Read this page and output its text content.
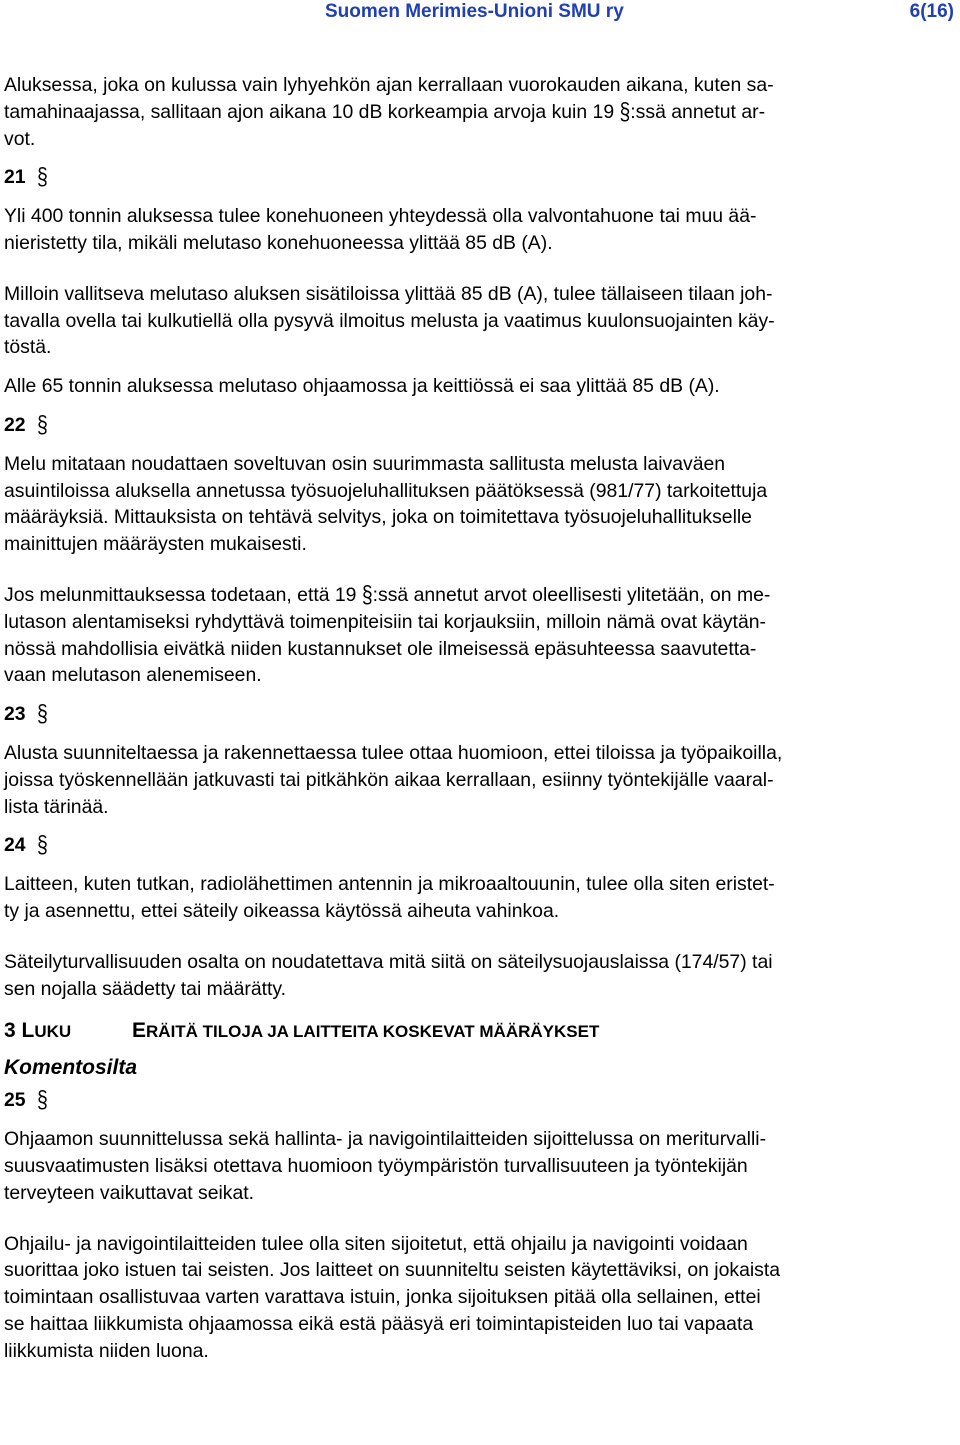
Suomen Merimies-Unioni SMU ry	6(16)

Aluksessa, joka on kulussa vain lyhyehkön ajan kerrallaan vuorokauden aikana, kuten sa-
tamahinaajassa, sallitaan ajon aikana 10 dB korkeampia arvoja kuin 19 §:ssä annetut ar-
vot.

21 §

Yli 400 tonnin aluksessa tulee konehuoneen yhteydessä olla valvontahuone tai muu ää-
nieristetty tila, mikäli melutaso konehuoneessa ylittää 85 dB (A).

Milloin vallitseva melutaso aluksen sisätiloissa ylittää 85 dB (A), tulee tällaiseen tilaan joh-
tavalla ovella tai kulkutiellä olla pysyvä ilmoitus melusta ja vaatimus kuulonsuojainten käy-
töstä.

Alle 65 tonnin aluksessa melutaso ohjaamossa ja keittiössä ei saa ylittää 85 dB (A).

22 §

Melu mitataan noudattaen soveltuvan osin suurimmasta sallitusta melusta laivaväen
asuintiloissa aluksella annetussa työsuojeluhallituksen päätöksessä (981/77) tarkoitettuja
määräyksiä. Mittauksista on tehtävä selvitys, joka on toimitettava työsuojeluhallitukselle
mainittujen määräysten mukaisesti.

Jos melunmittauksessa todetaan, että 19 §:ssä annetut arvot oleellisesti ylitetään, on me-
lutason alentamiseksi ryhdyttävä toimenpiteisiin tai korjauksiin, milloin nämä ovat käytän-
nössä mahdollisia eivätkä niiden kustannukset ole ilmeisessä epäsuhteessa saavutetta-
vaan melutason alenemiseen.

23 §

Alusta suunniteltaessa ja rakennettaessa tulee ottaa huomioon, ettei tiloissa ja työpaikoilla,
joissa työskennellään jatkuvasti tai pitkähkön aikaa kerrallaan, esiinny työntekijälle vaaral-
lista tärinää.

24 §

Laitteen, kuten tutkan, radiolähettimen antennin ja mikroaaltouunin, tulee olla siten eristet-
ty ja asennettu, ettei säteily oikeassa käytössä aiheuta vahinkoa.

Säteilyturvallisuuden osalta on noudatettava mitä siitä on säteilysuojauslaissa (174/57) tai
sen nojalla säädetty tai määrätty.

3 LUKU	ERÄITÄ TILOJA JA LAITTEITA KOSKEVAT MÄÄRÄYKSET

Komentosilta

25 §

Ohjaamon suunnittelussa sekä hallinta- ja navigointilaitteiden sijoittelussa on meriturvalli-
suusvaatimusten lisäksi otettava huomioon työympäristön turvallisuuteen ja työntekijän
terveyteen vaikuttavat seikat.

Ohjailu- ja navigointilaitteiden tulee olla siten sijoitetut, että ohjailu ja navigointi voidaan
suorittaa joko istuen tai seisten. Jos laitteet on suunniteltu seisten käytettäviksi, on jokaista
toimintaan osallistuvaa varten varattava istuin, jonka sijoituksen pitää olla sellainen, ettei
se haittaa liikkumista ohjaamossa eikä estä pääsyä eri toimintapisteiden luo tai vapaata
liikkumista niiden luona.
